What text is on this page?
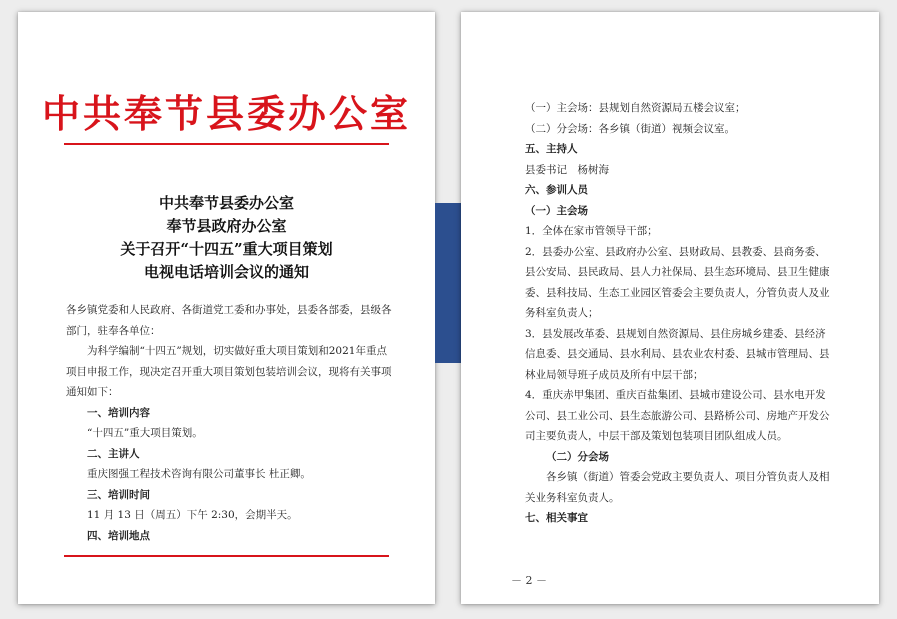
中共奉节县委办公室
中共奉节县委办公室
奉节县政府办公室
关于召开“十四五”重大项目策划
电视电话培训会议的通知

各乡镇党委和人民政府、各街道党工委和办事处，县委各部委，县级各部门，驻奉各单位：

为科学编制“十四五”规划，切实做好重大项目策划和2021年重点项目申报工作，现决定召开重大项目策划包装培训会议，现将有关事项通知如下：

一、培训内容

“十四五”重大项目策划。

二、主讲人

重庆图强工程技术咨询有限公司董事长 杜正卿。

三、培训时间

11 月 13 日（周五）下午 2:30，会期半天。

四、培训地点

（一）主会场：县规划自然资源局五楼会议室；

（二）分会场：各乡镇（街道）视频会议室。

五、主持人

县委书记　杨树海

六、参训人员

（一）主会场

1．全体在家市管领导干部；

2．县委办公室、县政府办公室、县财政局、县教委、县商务委、县公安局、县民政局、县人力社保局、县生态环境局、县卫生健康委、县科技局、生态工业园区管委会主要负责人，分管负责人及业务科室负责人；

3．县发展改革委、县规划自然资源局、县住房城乡建委、县经济信息委、县交通局、县水利局、县农业农村委、县城市管理局、县林业局领导班子成员及所有中层干部；

4．重庆赤甲集团、重庆百盐集团、县城市建设公司、县水电开发公司、县工业公司、县生态旅游公司、县路桥公司、房地产开发公司主要负责人，中层干部及策划包装项目团队组成人员。

（二）分会场

各乡镇（街道）管委会党政主要负责人、项目分管负责人及相关业务科室负责人。

七、相关事宜

－ 2 －
